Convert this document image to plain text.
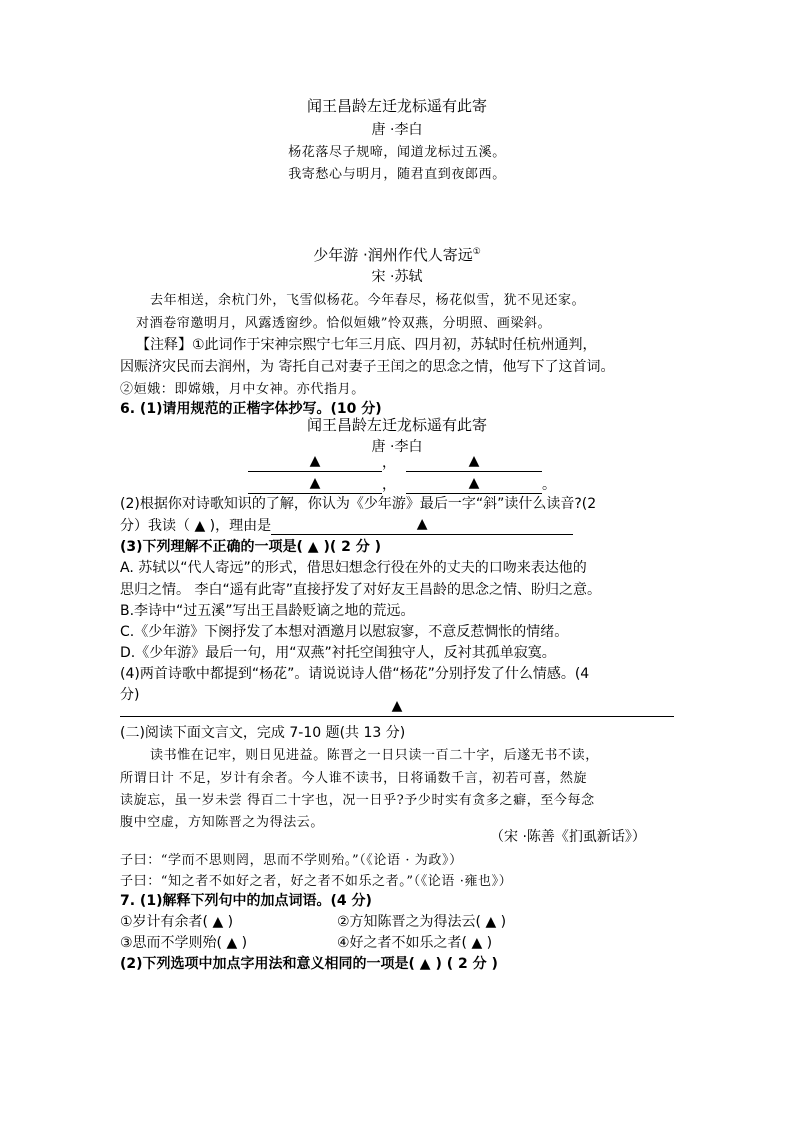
闻王昌龄左迁龙标遥有此寄
唐 ·李白
杨花落尽子规啼，闻道龙标过五溪。
我寄愁心与明月，随君直到夜郎西。
少年游 ·润州作代人寄远①
宋 ·苏轼
去年相送，余杭门外，飞雪似杨花。今年春尽，杨花似雪，犹不见还家。
对酒卷帘邀明月，风露透窗纱。恰似姮娥”怜双燕，分明照、画梁斜。
【注释】①此词作于宋神宗熙宁七年三月底、四月初，苏轼时任杭州通判，
因赈济灾民而去润州，为 寄托自己对妻子王闰之的思念之情，他写下了这首词。
②姮娥：即嫦娥，月中女神。亦代指月。
6. (1)请用规范的正楷字体抄写。(10 分)
闻王昌龄左迁龙标遥有此寄
唐 ·李白
▲	，	▲
▲	，	▲	。
(2)根据你对诗歌知识的了解，你认为《少年游》最后一字“斜”读什么读音?(2
分）我读（ ▲ )，理由是	▲
(3)下列理解不正确的一项是( ▲ )( 2 分 )
A. 苏轼以“代人寄远”的形式，借思妇想念行役在外的丈夫的口吻来表达他的
思归之情。 李白“遥有此寄”直接抒发了对好友王昌龄的思念之情、盼归之意。
B.李诗中“过五溪”写出王昌龄贬谪之地的荒远。
C.《少年游》下阕抒发了本想对酒邀月以慰寂寥，不意反惹惆怅的情绪。
D.《少年游》最后一句，用“双燕”衬托空闺独守人，反衬其孤单寂寞。
(4)两首诗歌中都提到“杨花”。请说说诗人借“杨花”分别抒发了什么情感。(4
分)
▲
(二)阅读下面文言文，完成 7-10 题(共 13 分)
读书惟在记牢，则日见进益。陈晋之一日只读一百二十字，后遂无书不读，
所谓日计 不足，岁计有余者。今人谁不读书，日将诵数千言，初若可喜，然旋
读旋忘，虽一岁未尝 得百二十字也，况一日乎?予少时实有贪多之癖，至今每念
腹中空虚，方知陈晋之为得法云。
（宋 ·陈善《扪虱新话》）
子曰：“学而不思则罔，思而不学则殆。”（《论语 · 为政》）
子曰：“知之者不如好之者，好之者不如乐之者。”（《论语 ·雍也》）
7. (1)解释下列句中的加点词语。(4 分)
①岁计有余者( ▲ )	②方知陈晋之为得法云( ▲ )
③思而不学则殆( ▲ )	④好之者不如乐之者( ▲ )
(2)下列选项中加点字用法和意义相同的一项是( ▲ ) ( 2 分 )
